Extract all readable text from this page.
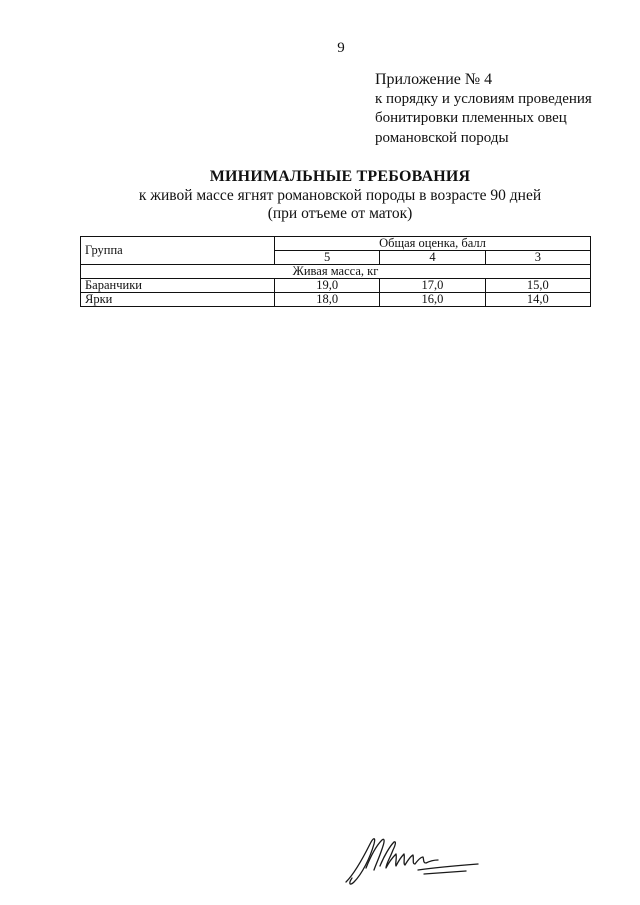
9
Приложение № 4
к порядку и условиям проведения
бонитировки племенных овец
романовской породы
МИНИМАЛЬНЫЕ ТРЕБОВАНИЯ
к живой массе ягнят романовской породы в возрасте 90 дней
(при отъеме от маток)
Группа	Общая оценка, балл		
	5	4	3
Живая масса, кг			
Баранчики	19,0	17,0	15,0
Ярки	18,0	16,0	14,0
